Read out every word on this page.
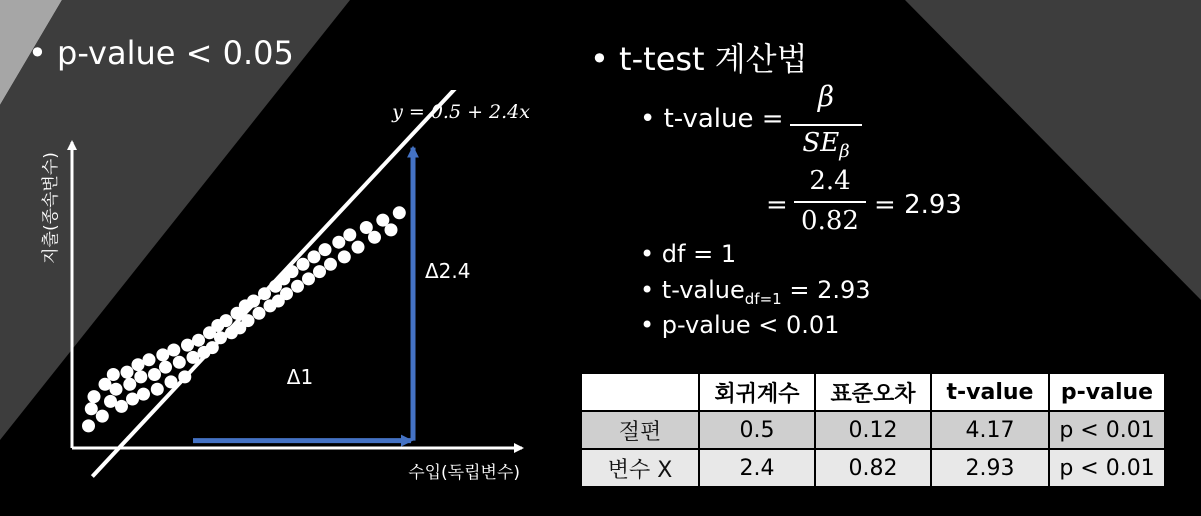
• p-value < 0.05
y = 0.5 + 2.4x
Δ1
Δ2.4
수입(독립변수)
지출(종속변수)
• t-test 계산법
• t-value =
β
$SE_\beta$
=
2.4
0.82
= 2.93
• df = 1
• t-value$_{df=1}$ = 2.93
• p-value < 0.01
	회귀계수	표준오차	t-value	p-value
절편	0.5	0.12	4.17	p < 0.01
변수 X	2.4	0.82	2.93	p < 0.01
